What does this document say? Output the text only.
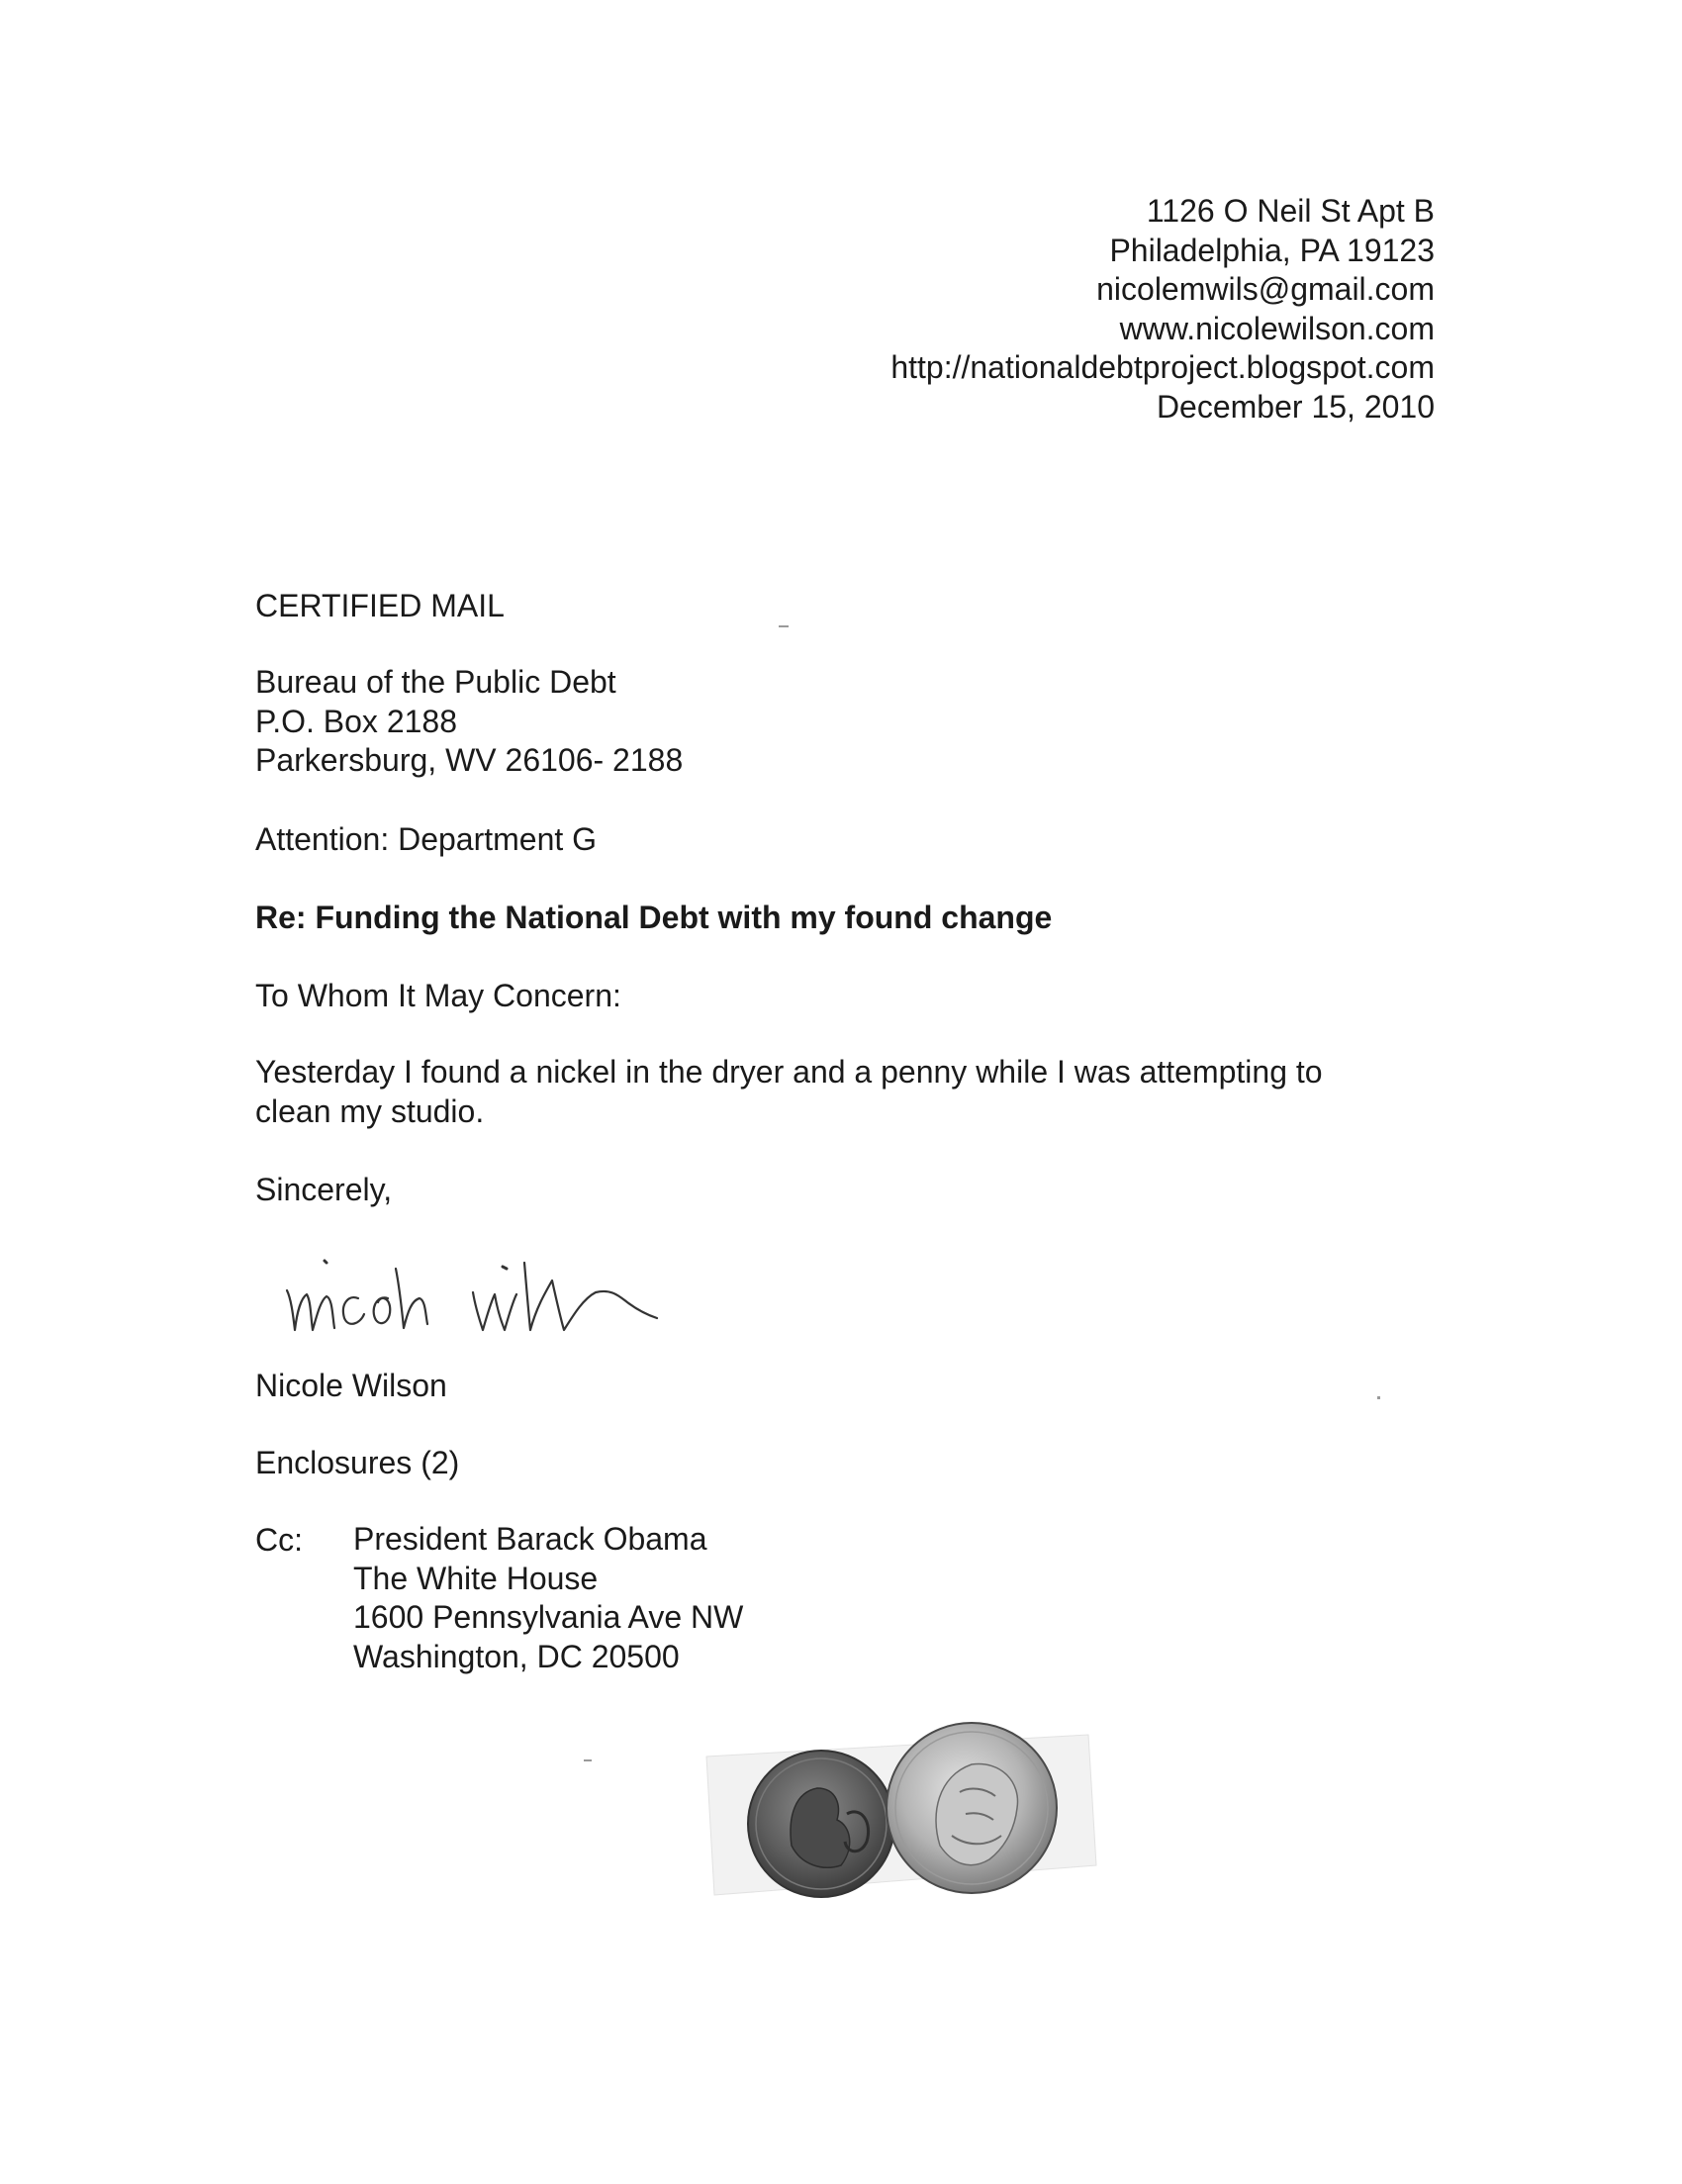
1126 O Neil St Apt B
Philadelphia, PA 19123
nicolemwils@gmail.com
www.nicolewilson.com
http://nationaldebtproject.blogspot.com
December 15, 2010

CERTIFIED MAIL

Bureau of the Public Debt
P.O. Box 2188
Parkersburg, WV 26106- 2188

Attention: Department G

Re: Funding the National Debt with my found change

To Whom It May Concern:

Yesterday I found a nickel in the dryer and a penny while I was attempting to
clean my studio.

Sincerely,

Nicole Wilson

Enclosures (2)

Cc: President Barack Obama
The White House
1600 Pennsylvania Ave NW
Washington, DC 20500
